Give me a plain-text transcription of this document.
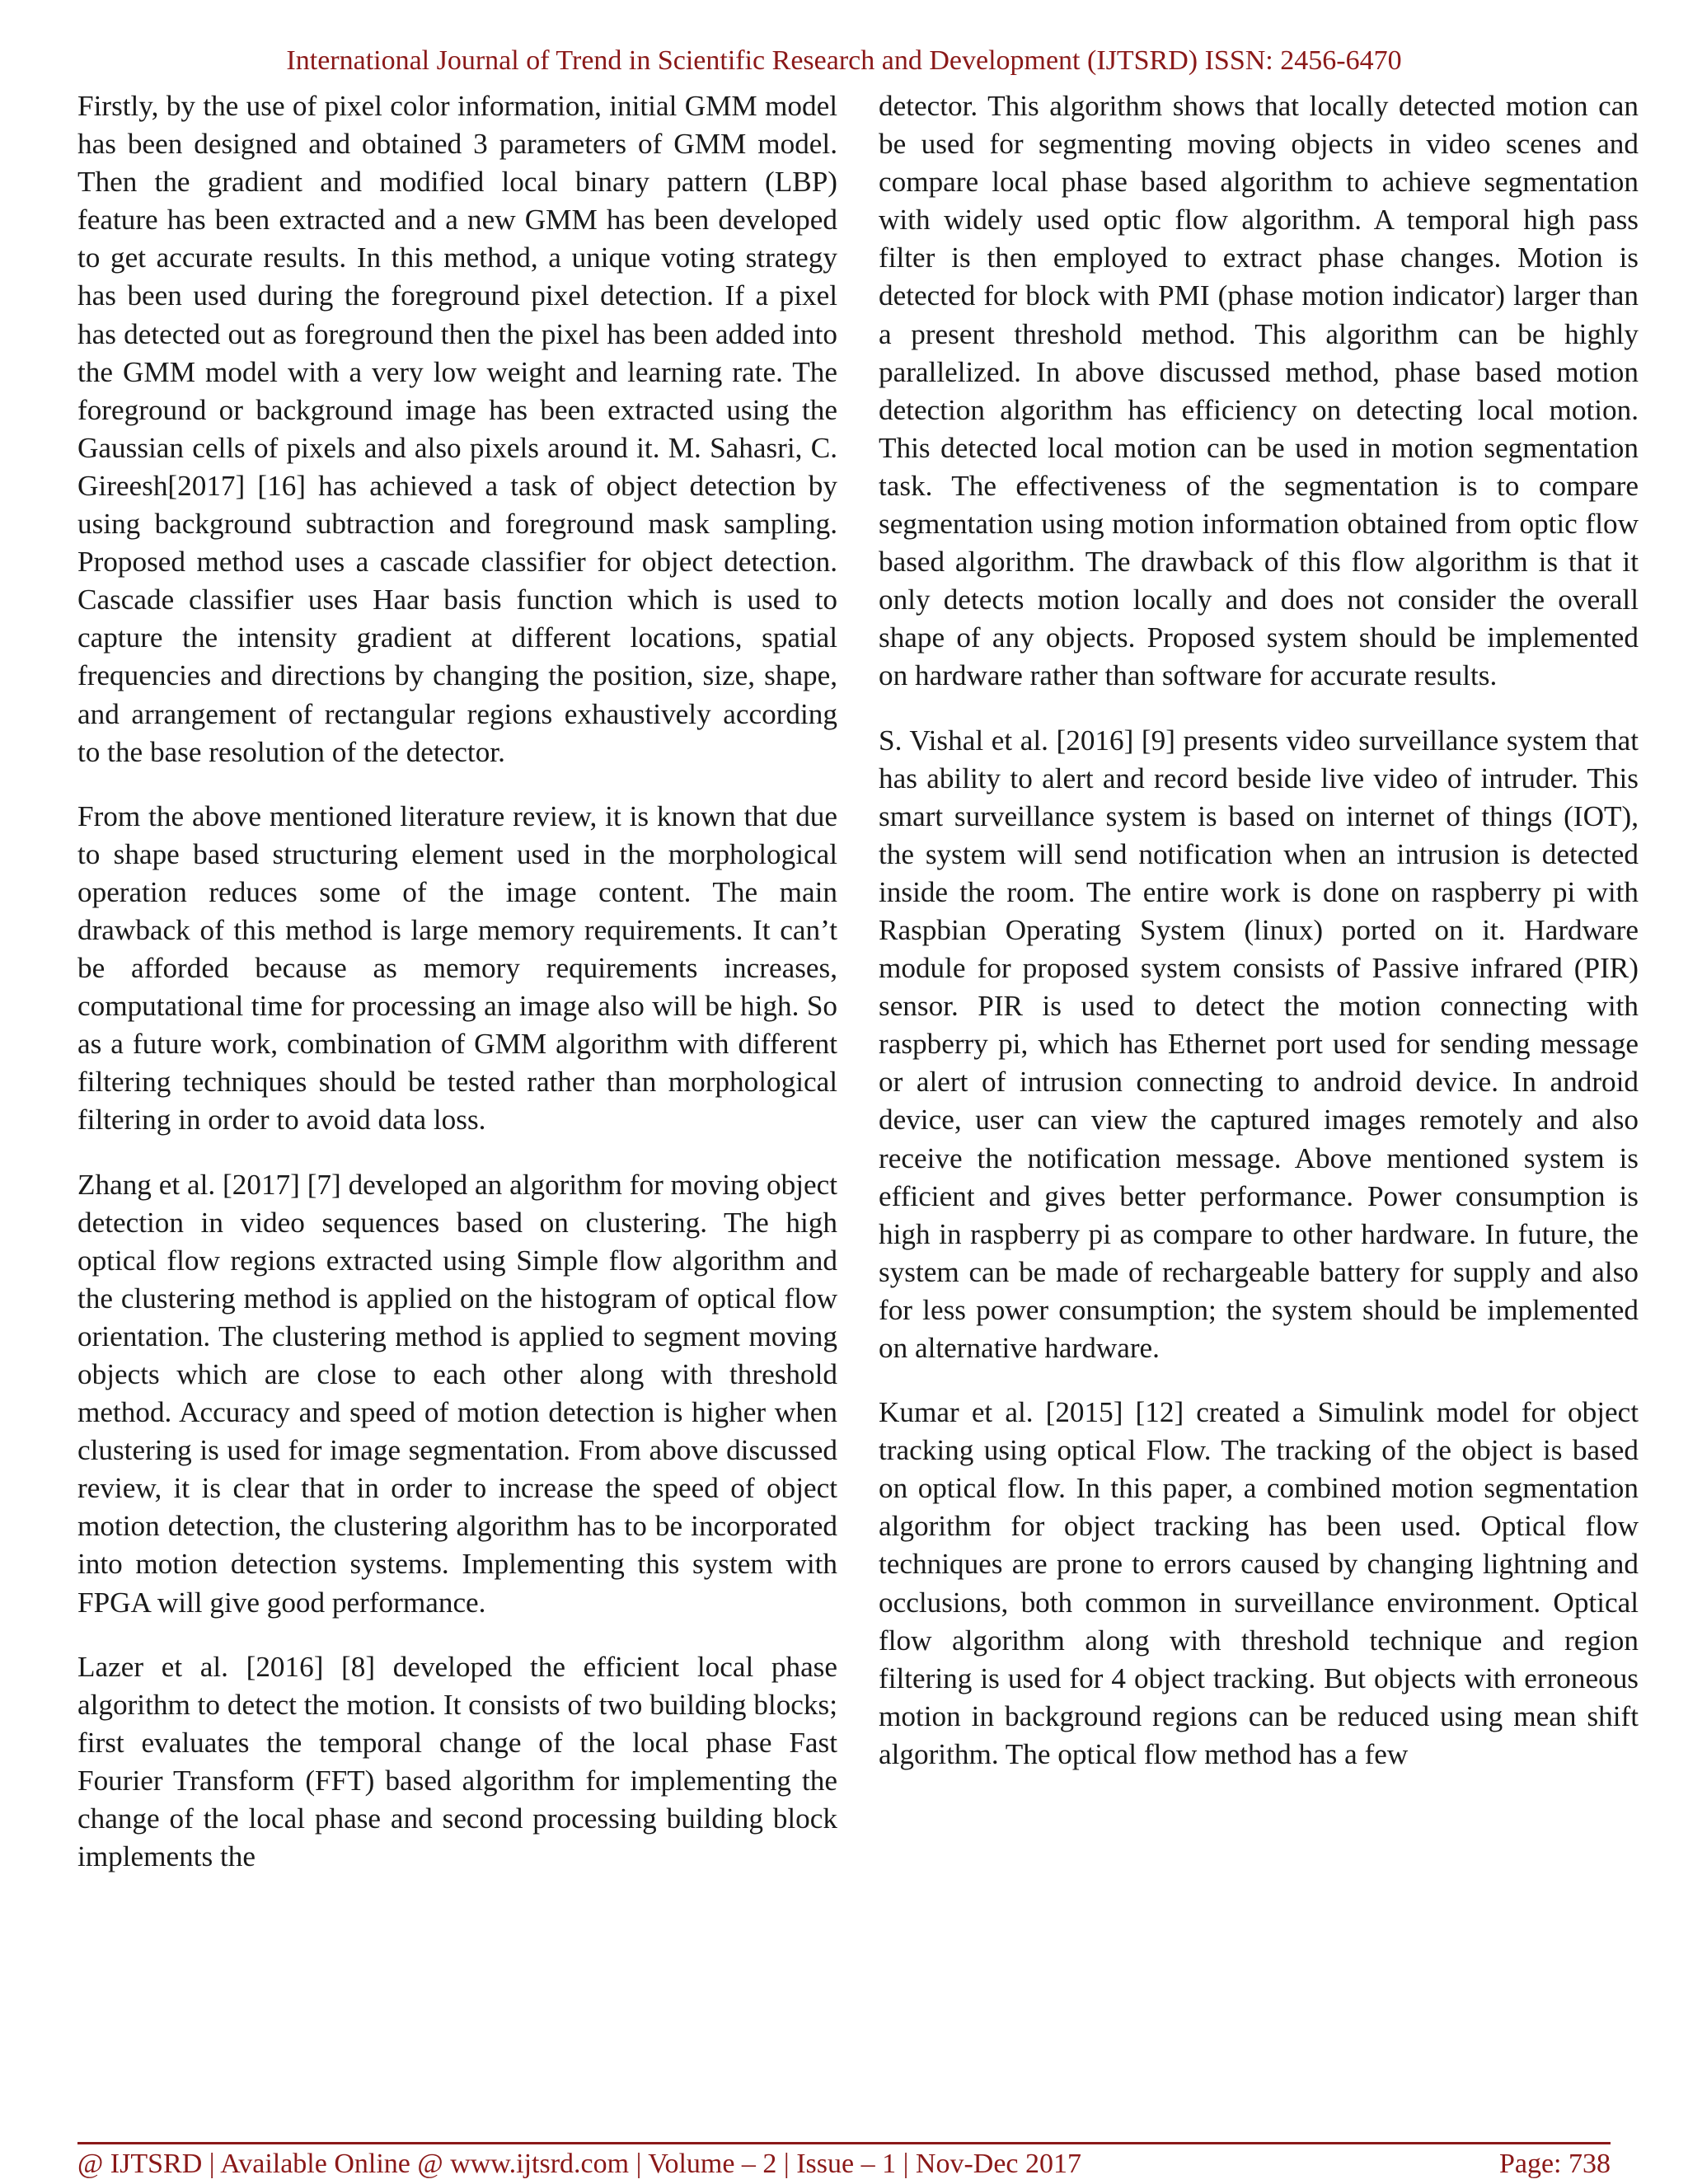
International Journal of Trend in Scientific Research and Development (IJTSRD) ISSN: 2456-6470

Firstly, by the use of pixel color information, initial GMM model has been designed and obtained 3 parameters of GMM model. Then the gradient and modified local binary pattern (LBP) feature has been extracted and a new GMM has been developed to get accurate results. In this method, a unique voting strategy has been used during the foreground pixel detection. If a pixel has detected out as foreground then the pixel has been added into the GMM model with a very low weight and learning rate. The foreground or background image has been extracted using the Gaussian cells of pixels and also pixels around it. M. Sahasri, C. Gireesh[2017] [16] has achieved a task of object detection by using background subtraction and foreground mask sampling. Proposed method uses a cascade classifier for object detection. Cascade classifier uses Haar basis function which is used to capture the intensity gradient at different locations, spatial frequencies and directions by changing the position, size, shape, and arrangement of rectangular regions exhaustively according to the base resolution of the detector.

From the above mentioned literature review, it is known that due to shape based structuring element used in the morphological operation reduces some of the image content. The main drawback of this method is large memory requirements. It can’t be afforded because as memory requirements increases, computational time for processing an image also will be high. So as a future work, combination of GMM algorithm with different filtering techniques should be tested rather than morphological filtering in order to avoid data loss.

Zhang et al. [2017] [7] developed an algorithm for moving object detection in video sequences based on clustering. The high optical flow regions extracted using Simple flow algorithm and the clustering method is applied on the histogram of optical flow orientation. The clustering method is applied to segment moving objects which are close to each other along with threshold method. Accuracy and speed of motion detection is higher when clustering is used for image segmentation. From above discussed review, it is clear that in order to increase the speed of object motion detection, the clustering algorithm has to be incorporated into motion detection systems. Implementing this system with FPGA will give good performance.

Lazer et al. [2016] [8] developed the efficient local phase algorithm to detect the motion. It consists of two building blocks; first evaluates the temporal change of the local phase Fast Fourier Transform (FFT) based algorithm for implementing the change of the local phase and second processing building block implements the

detector. This algorithm shows that locally detected motion can be used for segmenting moving objects in video scenes and compare local phase based algorithm to achieve segmentation with widely used optic flow algorithm. A temporal high pass filter is then employed to extract phase changes. Motion is detected for block with PMI (phase motion indicator) larger than a present threshold method. This algorithm can be highly parallelized. In above discussed method, phase based motion detection algorithm has efficiency on detecting local motion. This detected local motion can be used in motion segmentation task. The effectiveness of the segmentation is to compare segmentation using motion information obtained from optic flow based algorithm. The drawback of this flow algorithm is that it only detects motion locally and does not consider the overall shape of any objects. Proposed system should be implemented on hardware rather than software for accurate results.

S. Vishal et al. [2016] [9] presents video surveillance system that has ability to alert and record beside live video of intruder. This smart surveillance system is based on internet of things (IOT), the system will send notification when an intrusion is detected inside the room. The entire work is done on raspberry pi with Raspbian Operating System (linux) ported on it. Hardware module for proposed system consists of Passive infrared (PIR) sensor. PIR is used to detect the motion connecting with raspberry pi, which has Ethernet port used for sending message or alert of intrusion connecting to android device. In android device, user can view the captured images remotely and also receive the notification message. Above mentioned system is efficient and gives better performance. Power consumption is high in raspberry pi as compare to other hardware. In future, the system can be made of rechargeable battery for supply and also for less power consumption; the system should be implemented on alternative hardware.

Kumar et al. [2015] [12] created a Simulink model for object tracking using optical Flow. The tracking of the object is based on optical flow. In this paper, a combined motion segmentation algorithm for object tracking has been used. Optical flow techniques are prone to errors caused by changing lightning and occlusions, both common in surveillance environment. Optical flow algorithm along with threshold technique and region filtering is used for 4 object tracking. But objects with erroneous motion in background regions can be reduced using mean shift algorithm. The optical flow method has a few

@ IJTSRD | Available Online @ www.ijtsrd.com | Volume – 2 | Issue – 1 | Nov-Dec 2017	Page: 738
